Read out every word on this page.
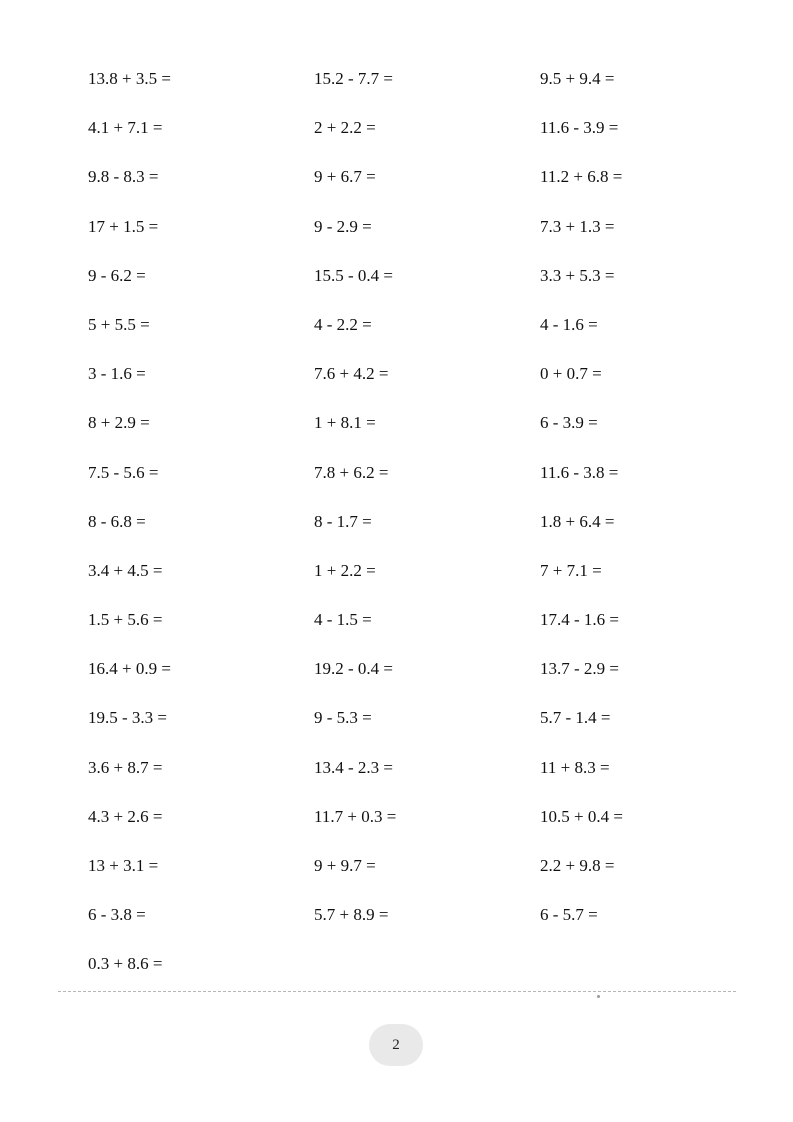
13.8 + 3.5 =	15.2 - 7.7 =	9.5 + 9.4 =
4.1 + 7.1 =	2 + 2.2 =	11.6 - 3.9 =
9.8 - 8.3 =	9 + 6.7 =	11.2 + 6.8 =
17 + 1.5 =	9 - 2.9 =	7.3 + 1.3 =
9 - 6.2 =	15.5 - 0.4 =	3.3 + 5.3 =
5 + 5.5 =	4 - 2.2 =	4 - 1.6 =
3 - 1.6 =	7.6 + 4.2 =	0 + 0.7 =
8 + 2.9 =	1 + 8.1 =	6 - 3.9 =
7.5 - 5.6 =	7.8 + 6.2 =	11.6 - 3.8 =
8 - 6.8 =	8 - 1.7 =	1.8 + 6.4 =
3.4 + 4.5 =	1 + 2.2 =	7 + 7.1 =
1.5 + 5.6 =	4 - 1.5 =	17.4 - 1.6 =
16.4 + 0.9 =	19.2 - 0.4 =	13.7 - 2.9 =
19.5 - 3.3 =	9 - 5.3 =	5.7 - 1.4 =
3.6 + 8.7 =	13.4 - 2.3 =	11 + 8.3 =
4.3 + 2.6 =	11.7 + 0.3 =	10.5 + 0.4 =
13 + 3.1 =	9 + 9.7 =	2.2 + 9.8 =
6 - 3.8 =	5.7 + 8.9 =	6 - 5.7 =
0.3 + 8.6 =
2
